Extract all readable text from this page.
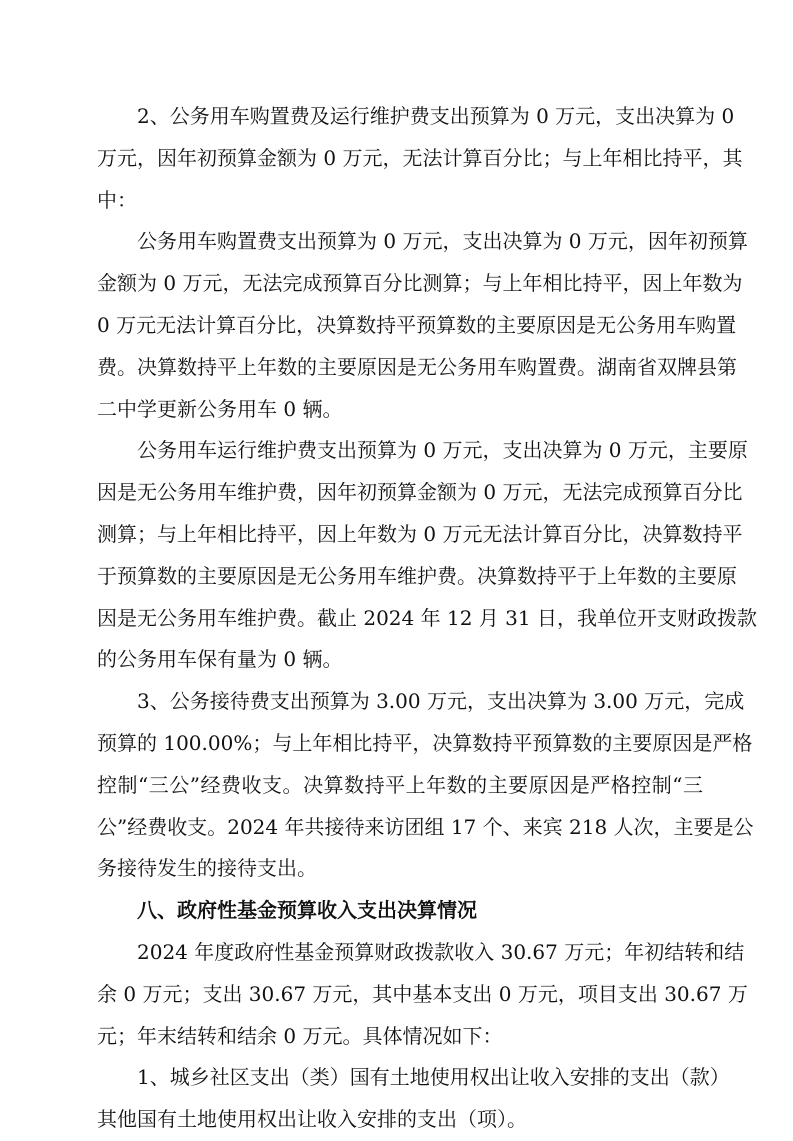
2、公务用车购置费及运行维护费支出预算为 0 万元，支出决算为 0
万元，因年初预算金额为 0 万元，无法计算百分比；与上年相比持平，其
中：
公务用车购置费支出预算为 0 万元，支出决算为 0 万元，因年初预算
金额为 0 万元，无法完成预算百分比测算；与上年相比持平，因上年数为
0 万元无法计算百分比，决算数持平预算数的主要原因是无公务用车购置
费。决算数持平上年数的主要原因是无公务用车购置费。湖南省双牌县第
二中学更新公务用车 0 辆。
公务用车运行维护费支出预算为 0 万元，支出决算为 0 万元，主要原
因是无公务用车维护费，因年初预算金额为 0 万元，无法完成预算百分比
测算；与上年相比持平，因上年数为 0 万元无法计算百分比，决算数持平
于预算数的主要原因是无公务用车维护费。决算数持平于上年数的主要原
因是无公务用车维护费。截止 2024 年 12 月 31 日，我单位开支财政拨款
的公务用车保有量为 0 辆。
3、公务接待费支出预算为 3.00 万元，支出决算为 3.00 万元，完成
预算的 100.00%；与上年相比持平，决算数持平预算数的主要原因是严格
控制“三公”经费收支。决算数持平上年数的主要原因是严格控制“三
公”经费收支。2024 年共接待来访团组 17 个、来宾 218 人次，主要是公
务接待发生的接待支出。
八、政府性基金预算收入支出决算情况
2024 年度政府性基金预算财政拨款收入 30.67 万元；年初结转和结
余 0 万元；支出 30.67 万元，其中基本支出 0 万元，项目支出 30.67 万
元；年末结转和结余 0 万元。具体情况如下：
1、城乡社区支出（类）国有土地使用权出让收入安排的支出（款）
其他国有土地使用权出让收入安排的支出（项）。
